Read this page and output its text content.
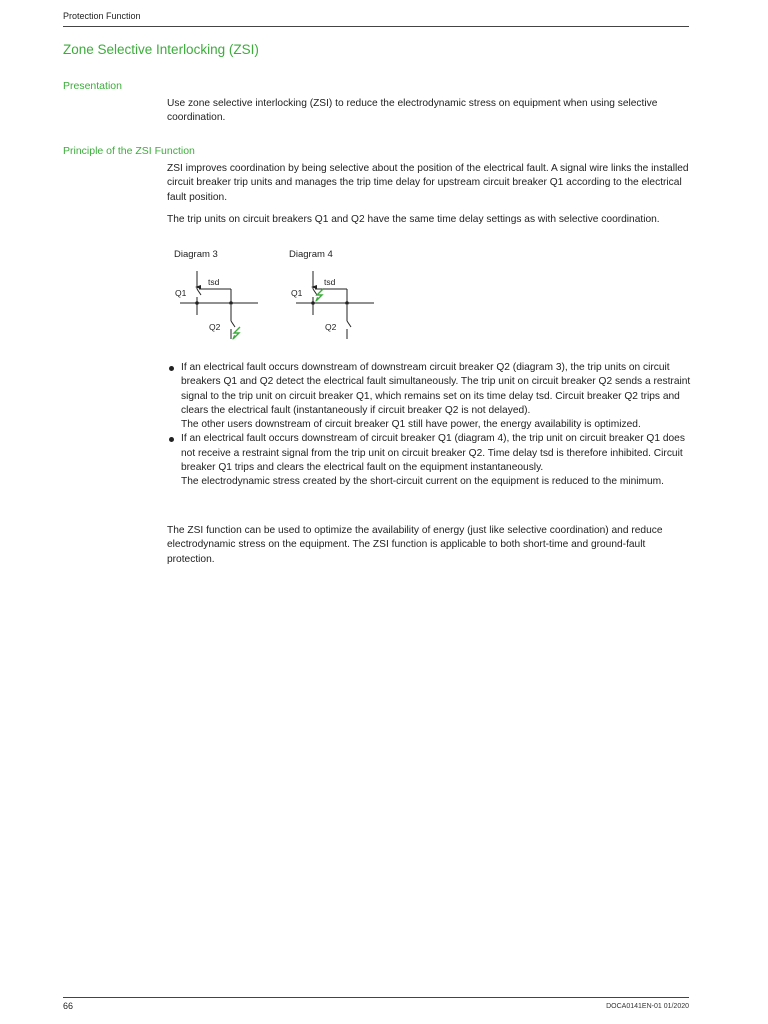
Protection Function
Zone Selective Interlocking (ZSI)
Presentation

Use zone selective interlocking (ZSI) to reduce the electrodynamic stress on equipment when using selective coordination.

Principle of the ZSI Function

ZSI improves coordination by being selective about the position of the electrical fault. A signal wire links the installed circuit breaker trip units and manages the trip time delay for upstream circuit breaker Q1 according to the electrical fault position.

The trip units on circuit breakers Q1 and Q2 have the same time delay settings as with selective coordination.

Diagram 3	Diagram 4
tsd
Q1
Q2
tsd
Q1
Q2

If an electrical fault occurs downstream of downstream circuit breaker Q2 (diagram 3), the trip units on circuit breakers Q1 and Q2 detect the electrical fault simultaneously. The trip unit on circuit breaker Q2 sends a restraint signal to the trip unit on circuit breaker Q1, which remains set on its time delay tsd. Circuit breaker Q2 trips and clears the electrical fault (instantaneously if circuit breaker Q2 is not delayed).

The other users downstream of circuit breaker Q1 still have power, the energy availability is optimized.

If an electrical fault occurs downstream of circuit breaker Q1 (diagram 4), the trip unit on circuit breaker Q1 does not receive a restraint signal from the trip unit on circuit breaker Q2. Time delay tsd is therefore inhibited. Circuit breaker Q1 trips and clears the electrical fault on the equipment instantaneously.

The electrodynamic stress created by the short-circuit current on the equipment is reduced to the minimum.

The ZSI function can be used to optimize the availability of energy (just like selective coordination) and reduce electrodynamic stress on the equipment. The ZSI function is applicable to both short-time and ground-fault protection.

66	DOCA0141EN-01 01/2020
